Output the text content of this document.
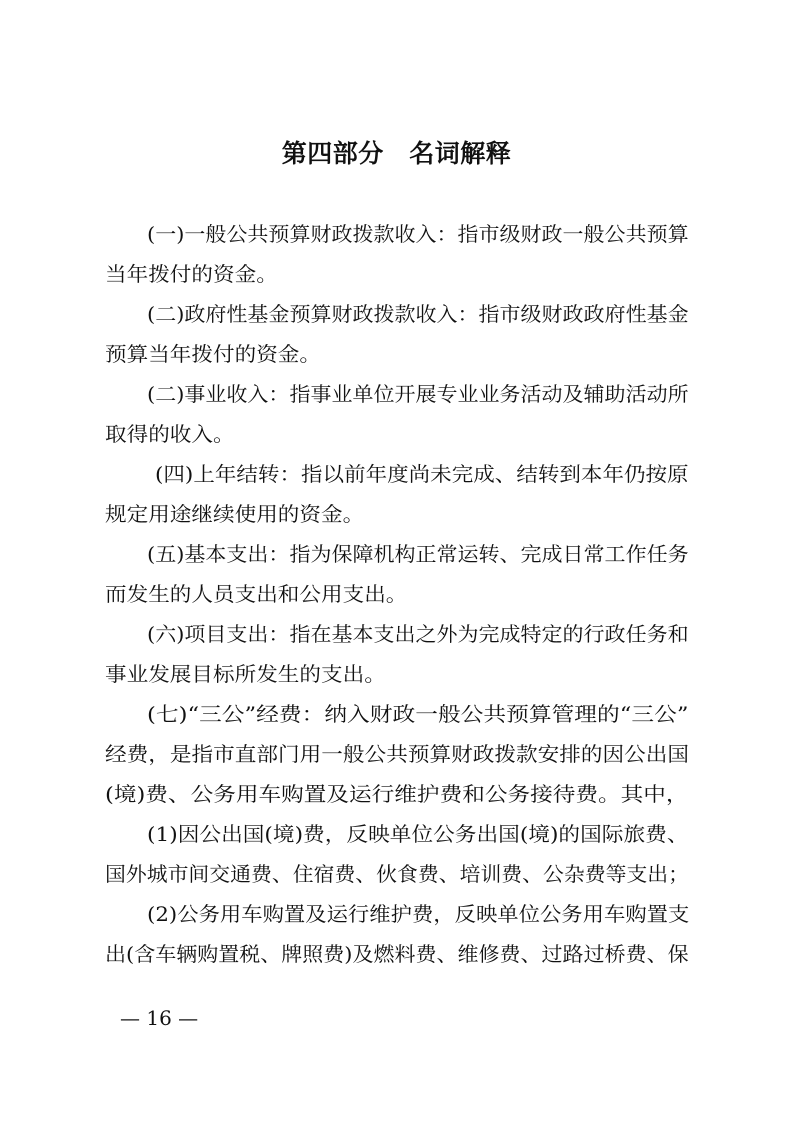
第四部分　名词解释
(一)一般公共预算财政拨款收入：指市级财政一般公共预算
当年拨付的资金。
(二)政府性基金预算财政拨款收入：指市级财政政府性基金
预算当年拨付的资金。
(二)事业收入：指事业单位开展专业业务活动及辅助活动所
取得的收入。
(四)上年结转：指以前年度尚未完成、结转到本年仍按原
规定用途继续使用的资金。
(五)基本支出：指为保障机构正常运转、完成日常工作任务
而发生的人员支出和公用支出。
(六)项目支出：指在基本支出之外为完成特定的行政任务和
事业发展目标所发生的支出。
(七)“三公”经费：纳入财政一般公共预算管理的“三公”
经费，是指市直部门用一般公共预算财政拨款安排的因公出国
(境)费、公务用车购置及运行维护费和公务接待费。其中，
(1)因公出国(境)费，反映单位公务出国(境)的国际旅费、
国外城市间交通费、住宿费、伙食费、培训费、公杂费等支出；
(2)公务用车购置及运行维护费，反映单位公务用车购置支
出(含车辆购置税、牌照费)及燃料费、维修费、过路过桥费、保
— 16 —
